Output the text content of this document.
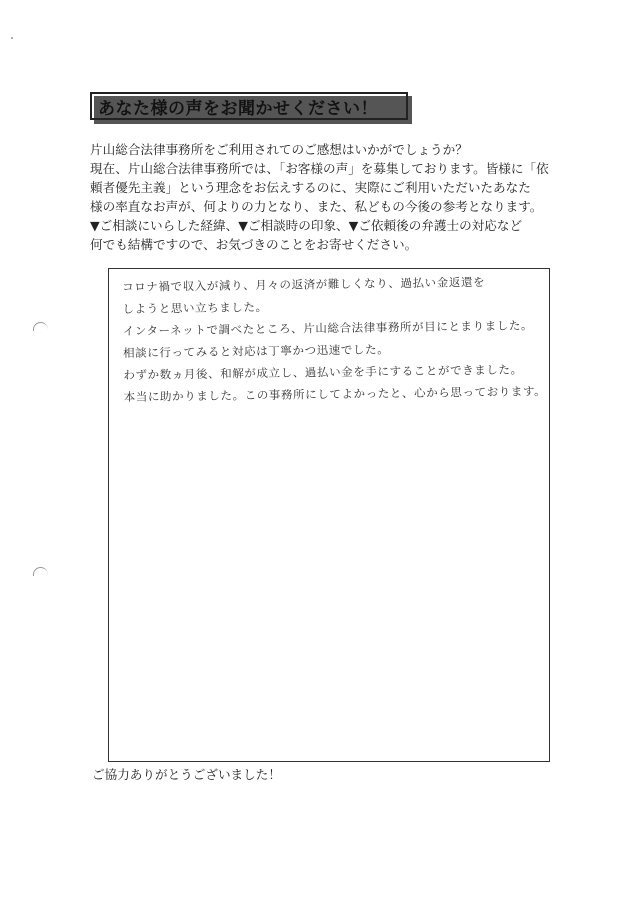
あなた様の声をお聞かせください！
片山総合法律事務所をご利用されてのご感想はいかがでしょうか？
現在、片山総合法律事務所では、「お客様の声」を募集しております。皆様に「依
頼者優先主義」という理念をお伝えするのに、実際にご利用いただいたあなた
様の率直なお声が、何よりの力となり、また、私どもの今後の参考となります。
▼ご相談にいらした経緯、▼ご相談時の印象、▼ご依頼後の弁護士の対応など
何でも結構ですので、お気づきのことをお寄せください。
コロナ禍で収入が減り、月々の返済が難しくなり、過払い金返還を
しようと思い立ちました。
インターネットで調べたところ、片山総合法律事務所が目にとまりました。
相談に行ってみると対応は丁寧かつ迅速でした。
わずか数ヵ月後、和解が成立し、過払い金を手にすることができました。
本当に助かりました。この事務所にしてよかったと、心から思っております。
ご協力ありがとうございました！
